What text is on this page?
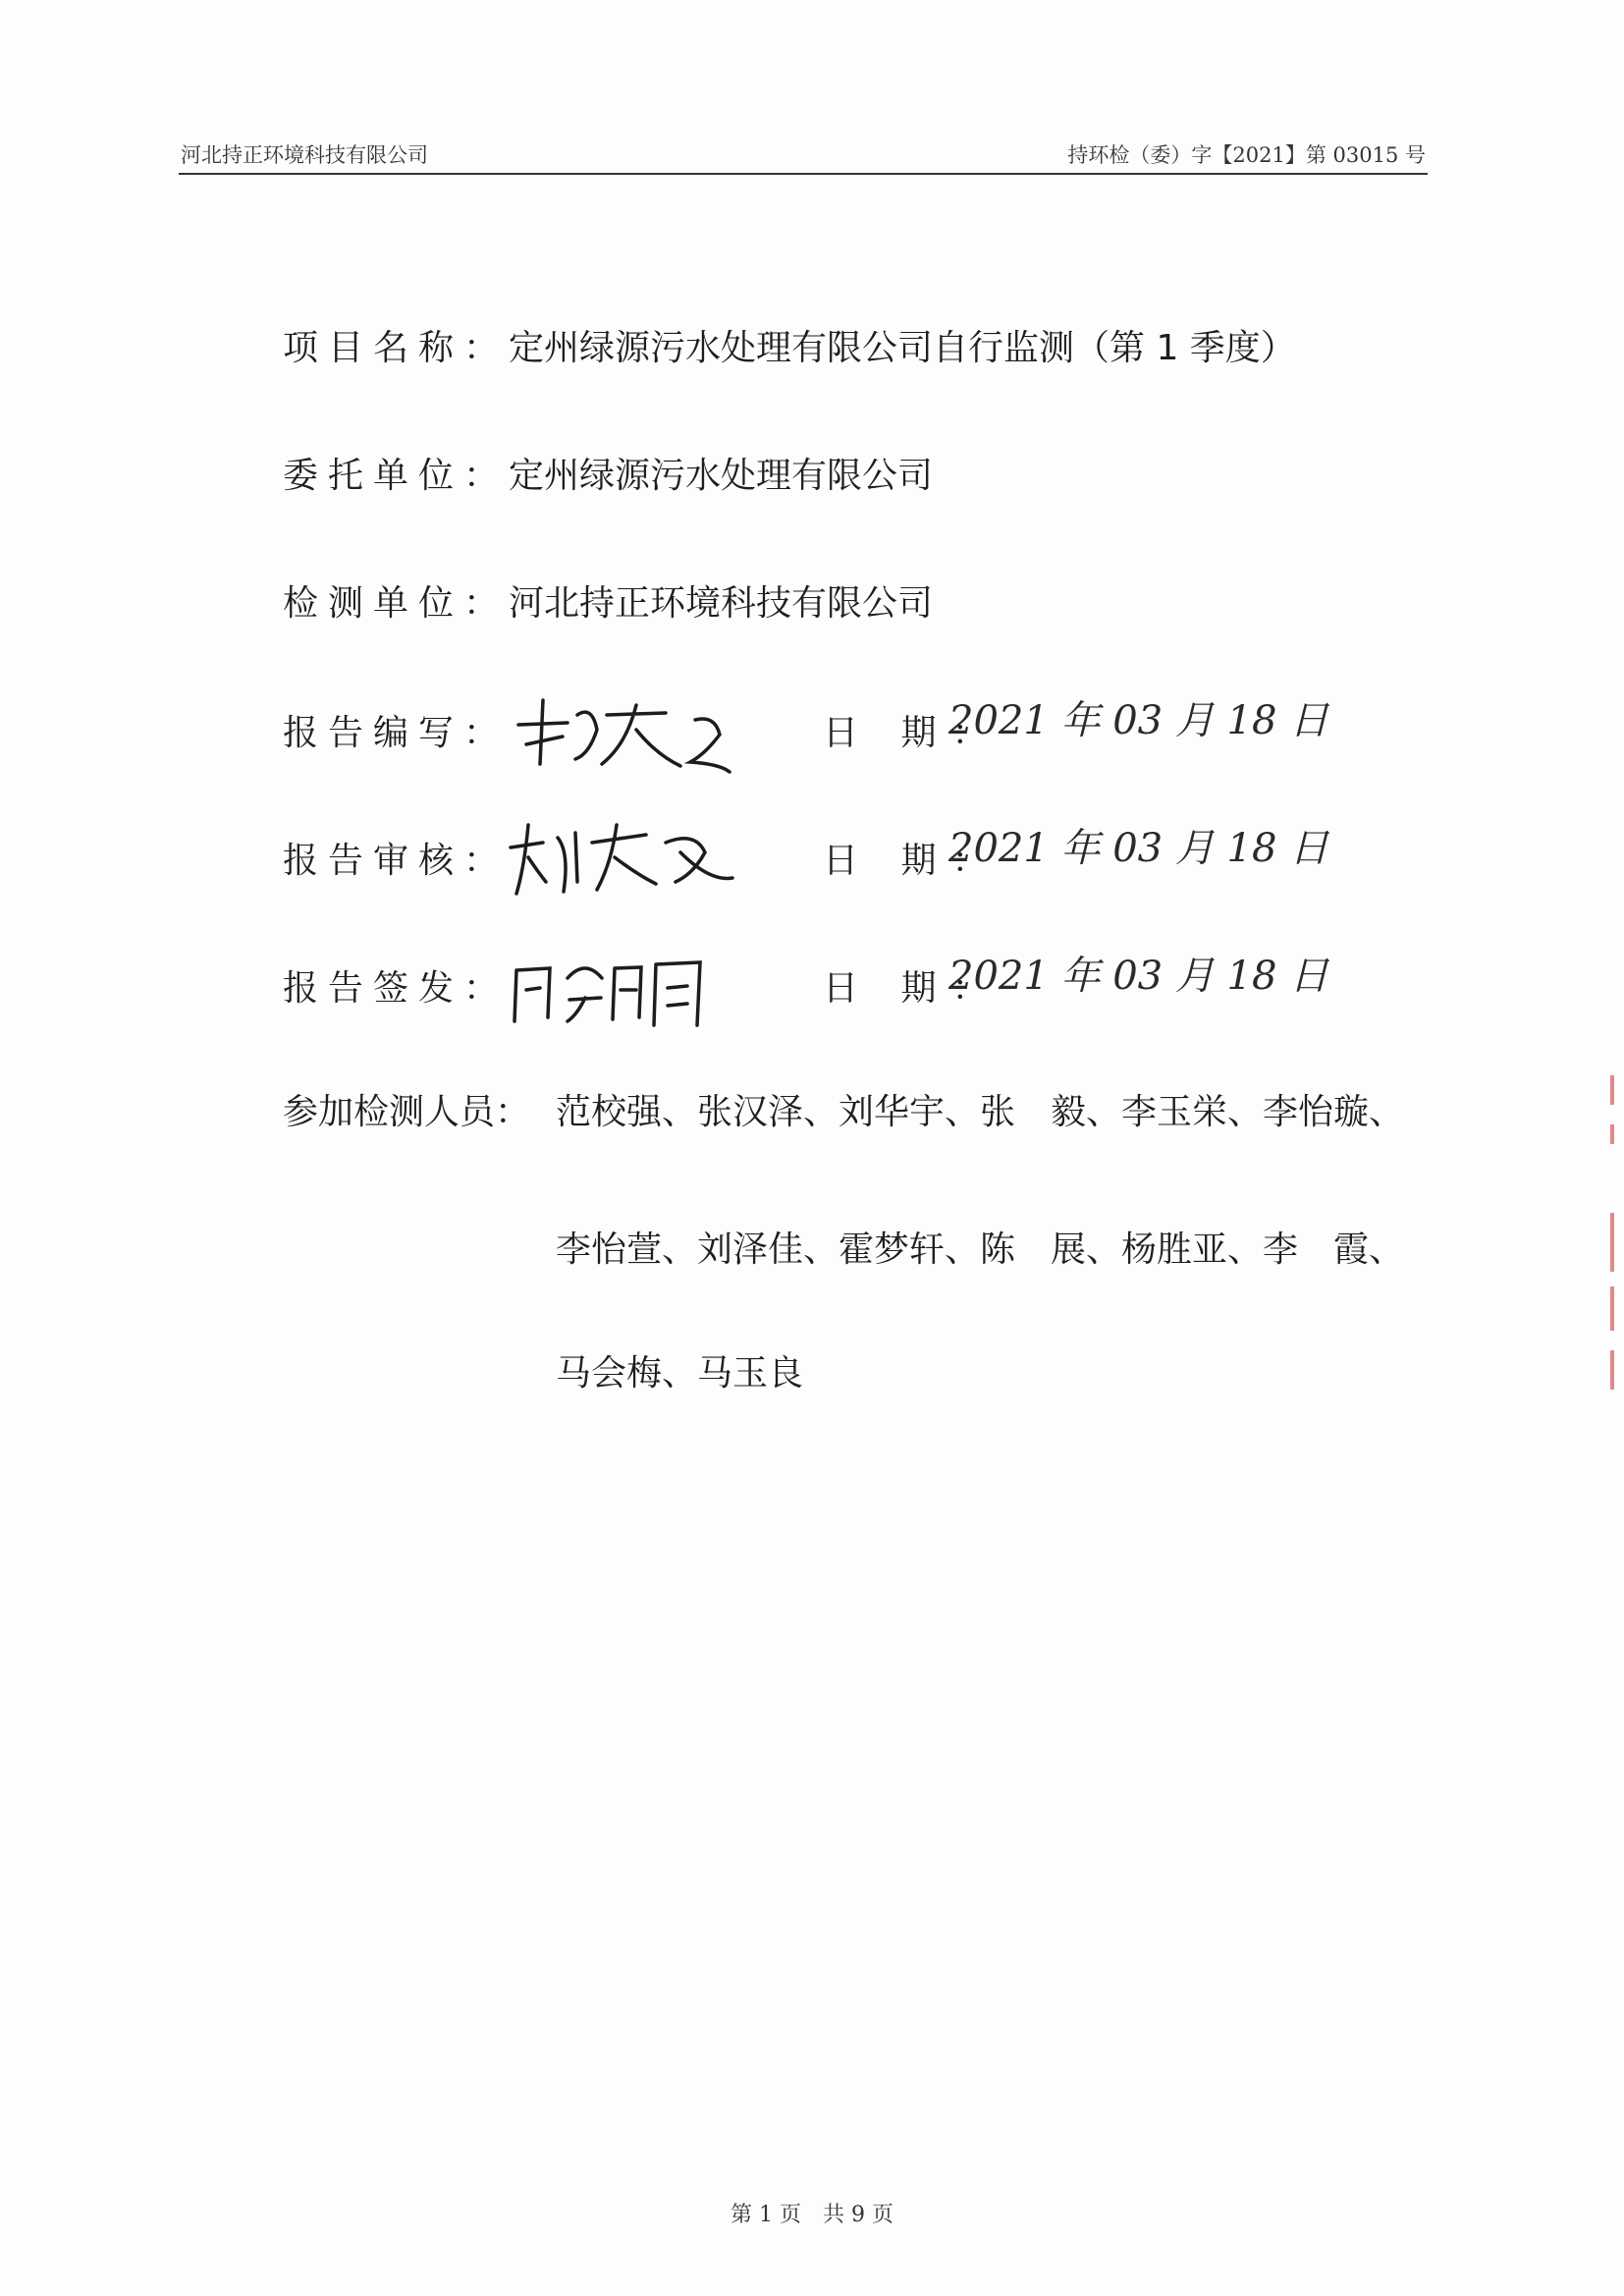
河北持正环境科技有限公司	持环检（委）字【2021】第 03015 号
项目名称：定州绿源污水处理有限公司自行监测（第 1 季度）
委托单位：定州绿源污水处理有限公司
检测单位：河北持正环境科技有限公司
报告编写：	日 期：
2021 年 03 月 18 日
报告审核：	日 期：
2021 年 03 月 18 日
报告签发：	日 期：
2021 年 03 月 18 日
参加检测人员： 范校强、张汉泽、刘华宇、张　毅、李玉栄、李怡璇、
李怡萱、刘泽佳、霍梦轩、陈　展、杨胜亚、李　霞、
马会梅、马玉良
第 1 页　共 9 页
